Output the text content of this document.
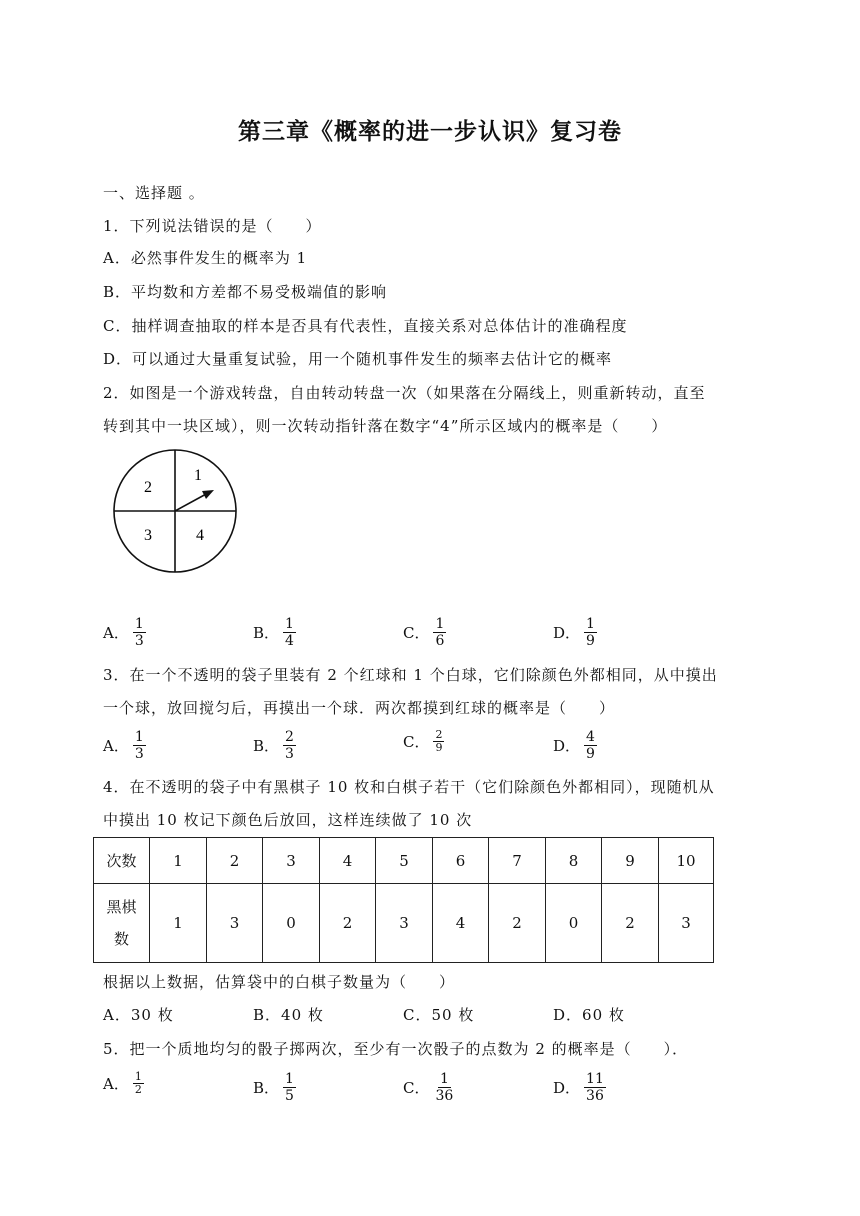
第三章《概率的进一步认识》复习卷
一、选择题 。
1．下列说法错误的是（　　）
A．必然事件发生的概率为 1
B．平均数和方差都不易受极端值的影响
C．抽样调查抽取的样本是否具有代表性，直接关系对总体估计的准确程度
D．可以通过大量重复试验，用一个随机事件发生的频率去估计它的概率
2．如图是一个游戏转盘，自由转动转盘一次（如果落在分隔线上，则重新转动，直至
转到其中一块区域），则一次转动指针落在数字“4”所示区域内的概率是（　　）
1
2
3	4
A． $\frac{1}{3}$	B． $\frac{1}{4}$	C． $\frac{1}{6}$	D． $\frac{1}{9}$
3．在一个不透明的袋子里装有 2 个红球和 1 个白球，它们除颜色外都相同，从中摸出
一个球，放回搅匀后，再摸出一个球．两次都摸到红球的概率是（　　）
A． $\frac{1}{3}$	B． $\frac{2}{3}$	C． $\frac{2}{9}$	D． $\frac{4}{9}$
4．在不透明的袋子中有黑棋子 10 枚和白棋子若干（它们除颜色外都相同），现随机从
中摸出 10 枚记下颜色后放回，这样连续做了 10 次
次数	1	2	3	4	5	6	7	8	9	10

黑棋
数	1	3	0	2	3	4	2	0	2	3
根据以上数据，估算袋中的白棋子数量为（　　）
A．30 枚	B．40 枚	C．50 枚	D．60 枚
5．把一个质地均匀的骰子掷两次，至少有一次骰子的点数为 2 的概率是（　　）．
A． $\frac{1}{2}$	B． $\frac{1}{5}$	C． $\frac{1}{36}$	D． $\frac{11}{36}$
